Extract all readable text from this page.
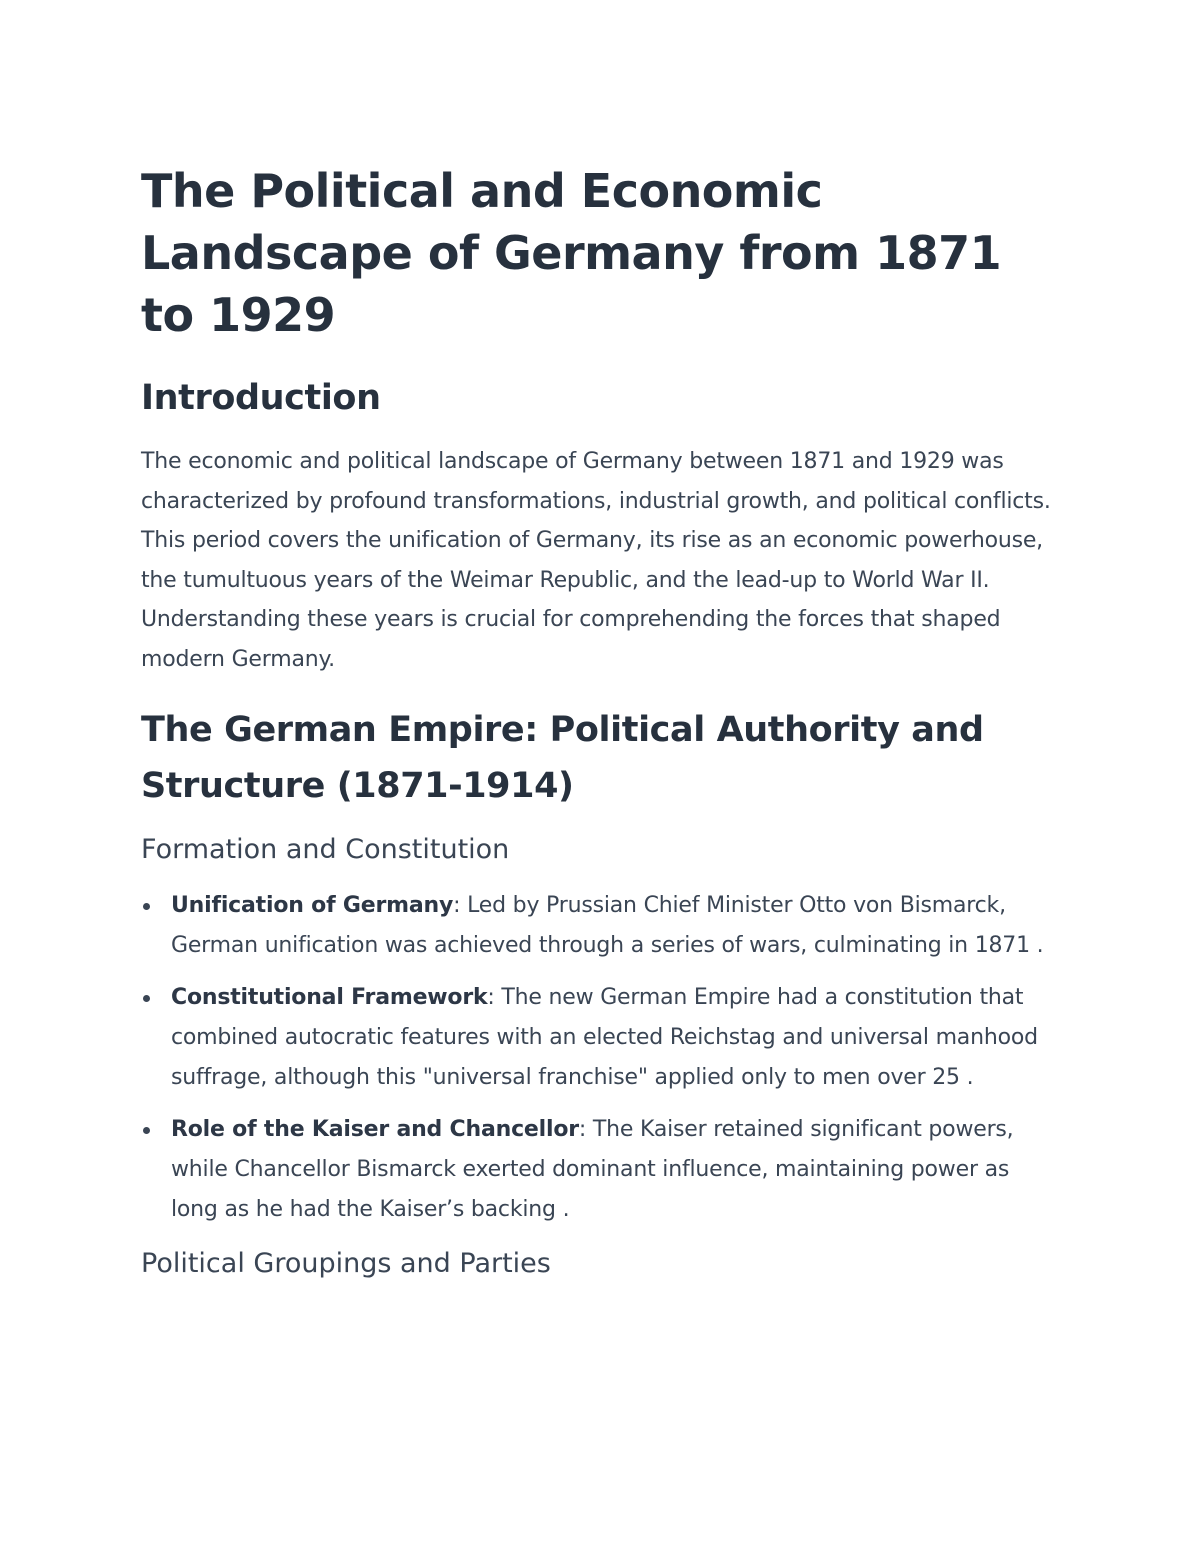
The Political and Economic Landscape of Germany from 1871 to 1929
Introduction

The economic and political landscape of Germany between 1871 and 1929 was characterized by profound transformations, industrial growth, and political conflicts. This period covers the unification of Germany, its rise as an economic powerhouse, the tumultuous years of the Weimar Republic, and the lead-up to World War II. Understanding these years is crucial for comprehending the forces that shaped modern Germany.

The German Empire: Political Authority and Structure (1871-1914)
Formation and Constitution
Unification of Germany: Led by Prussian Chief Minister Otto von Bismarck, German unification was achieved through a series of wars, culminating in 1871 .
Constitutional Framework: The new German Empire had a constitution that combined autocratic features with an elected Reichstag and universal manhood suffrage, although this "universal franchise" applied only to men over 25 .
Role of the Kaiser and Chancellor: The Kaiser retained significant powers, while Chancellor Bismarck exerted dominant influence, maintaining power as long as he had the Kaiser’s backing .
Political Groupings and Parties
